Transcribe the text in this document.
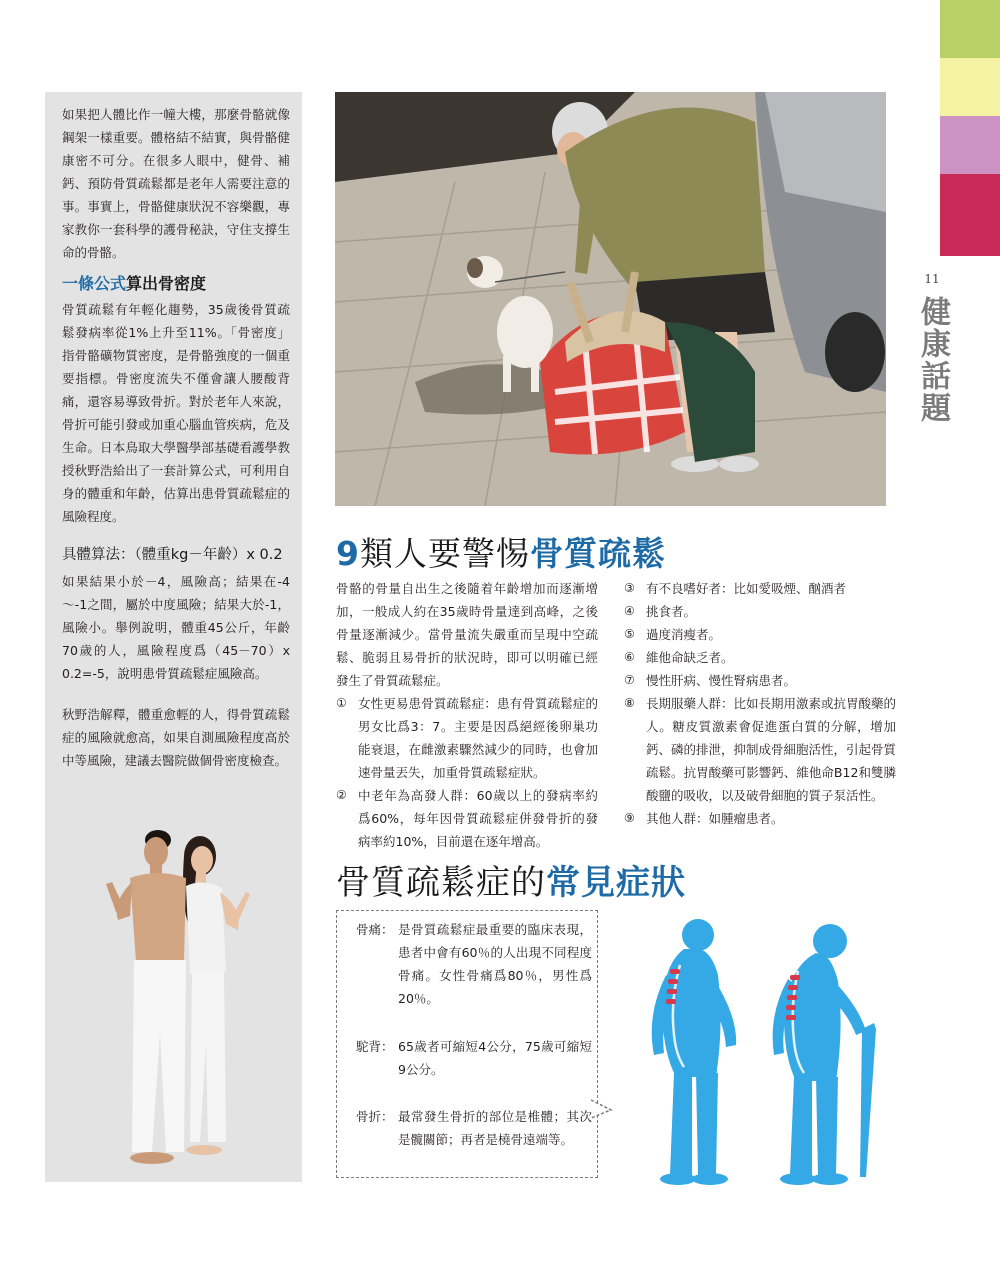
11
健康話題
如果把人體比作一幢大樓，那麼骨骼就像鋼架一樣重要。體格結不結實，與骨骼健康密不可分。在很多人眼中，健骨、補鈣、預防骨質疏鬆都是老年人需要注意的事。事實上，骨骼健康狀況不容樂觀，專家教你一套科學的護骨秘訣，守住支撐生命的骨骼。
一條公式算出骨密度
骨質疏鬆有年輕化趨勢，35歲後骨質疏鬆發病率從1%上升至11%。「骨密度」指骨骼礦物質密度，是骨骼強度的一個重要指標。骨密度流失不僅會讓人腰酸背痛，還容易導致骨折。對於老年人來說，骨折可能引發或加重心腦血管疾病，危及生命。日本鳥取大學醫學部基礎看護學教授秋野浩給出了一套計算公式，可利用自身的體重和年齡，估算出患骨質疏鬆症的風險程度。
具體算法：（體重kg－年齡）x 0.2
如果結果小於－4，風險高；結果在-4～-1之間，屬於中度風險；結果大於-1，風險小。舉例說明，體重45公斤，年齡70歲的人，風險程度爲（45－70）x 0.2=-5，說明患骨質疏鬆症風險高。
秋野浩解釋，體重愈輕的人，得骨質疏鬆症的風險就愈高，如果自測風險程度高於中等風險，建議去醫院做個骨密度檢查。
9類人要警惕骨質疏鬆
骨骼的骨量自出生之後隨着年齡增加而逐漸增加，一般成人約在35歲時骨量達到高峰，之後骨量逐漸減少。當骨量流失嚴重而呈現中空疏鬆、脆弱且易骨折的狀況時，即可以明確已經發生了骨質疏鬆症。
① 女性更易患骨質疏鬆症：患有骨質疏鬆症的男女比爲3：7。主要是因爲絕經後卵巢功能衰退，在雌激素驟然減少的同時，也會加速骨量丟失，加重骨質疏鬆症狀。
② 中老年為高發人群：60歲以上的發病率約爲60%，每年因骨質疏鬆症併發骨折的發病率約10%，目前還在逐年增高。
③ 有不良嗜好者：比如愛吸煙、酗酒者
④ 挑食者。
⑤ 過度消瘦者。
⑥ 維他命缺乏者。
⑦ 慢性肝病、慢性腎病患者。
⑧ 長期服藥人群：比如長期用激素或抗胃酸藥的人。糖皮質激素會促進蛋白質的分解，增加鈣、磷的排泄，抑制成骨細胞活性，引起骨質疏鬆。抗胃酸藥可影響鈣、維他命B12和雙膦酸鹽的吸收，以及破骨細胞的質子泵活性。
⑨ 其他人群：如腫瘤患者。
骨質疏鬆症的常見症狀
骨痛： 是骨質疏鬆症最重要的臨床表現，患者中會有60％的人出現不同程度骨痛。女性骨痛爲80％，男性爲20％。
駝背： 65歲者可縮短4公分，75歲可縮短9公分。
骨折： 最常發生骨折的部位是椎體；其次是髖關節；再者是橈骨遠端等。
